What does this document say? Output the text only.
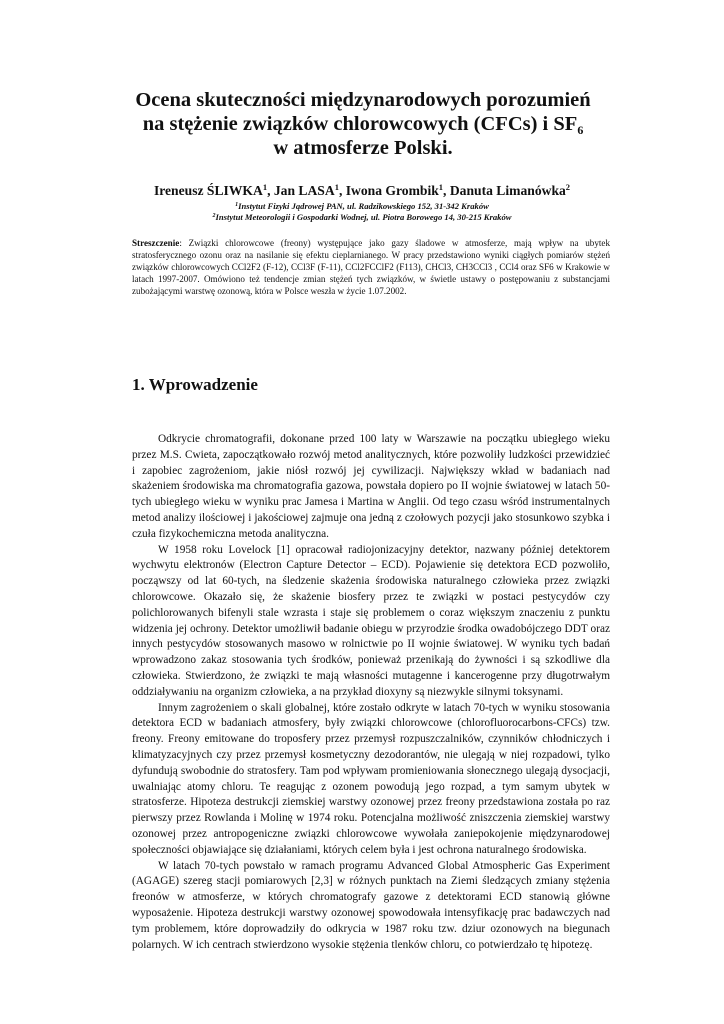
Ocena skuteczności międzynarodowych porozumień
na stężenie związków chlorowcowych (CFCs) i $SF_6$
w atmosferze Polski.
Ireneusz ŚLIWKA$^1$, Jan LASA$^1$, Iwona Grombik$^1$, Danuta Limanówka$^2$
$^1$Instytut Fizyki Jądrowej PAN, ul. Radzikowskiego 152, 31-342 Kraków
$^2$Instytut Meteorologii i Gospodarki Wodnej, ul. Piotra Borowego 14, 30-215 Kraków
Streszczenie: Związki chlorowcowe (freony) występujące jako gazy śladowe w atmosferze, mają wpływ na ubytek stratosferycznego ozonu oraz na nasilanie się efektu cieplarnianego. W pracy przedstawiono wyniki ciągłych pomiarów stężeń związków chlorowcowych CCl2F2 (F-12), CCl3F (F-11), CCl2FCClF2 (F113), CHCl3, CH3CCl3 , CCl4 oraz SF6 w Krakowie w latach 1997-2007. Omówiono też tendencje zmian stężeń tych związków, w świetle ustawy o postępowaniu z substancjami zubożającymi warstwę ozonową, która w Polsce weszła w życie 1.07.2002.
1. Wprowadzenie

Odkrycie chromatografii, dokonane przed 100 laty w Warszawie na początku ubiegłego wieku przez M.S. Cwieta, zapoczątkowało rozwój metod analitycznych, które pozwoliły ludzkości przewidzieć i zapobiec zagrożeniom, jakie niósł rozwój jej cywilizacji. Największy wkład w badaniach nad skażeniem środowiska ma chromatografia gazowa, powstała dopiero po II wojnie światowej w latach 50-tych ubiegłego wieku w wyniku prac Jamesa i Martina w Anglii. Od tego czasu wśród instrumentalnych metod analizy ilościowej i jakościowej zajmuje ona jedną z czołowych pozycji jako stosunkowo szybka i czuła fizykochemiczna metoda analityczna.

W 1958 roku Lovelock [1] opracował radiojonizacyjny detektor, nazwany później detektorem wychwytu elektronów (Electron Capture Detector – ECD). Pojawienie się detektora ECD pozwoliło, począwszy od lat 60-tych, na śledzenie skażenia środowiska naturalnego człowieka przez związki chlorowcowe. Okazało się, że skażenie biosfery przez te związki w postaci pestycydów czy polichlorowanych bifenyli stale wzrasta i staje się problemem o coraz większym znaczeniu z punktu widzenia jej ochrony. Detektor umożliwił badanie obiegu w przyrodzie środka owadobójczego DDT oraz innych pestycydów stosowanych masowo w rolnictwie po II wojnie światowej. W wyniku tych badań wprowadzono zakaz stosowania tych środków, ponieważ przenikają do żywności i są szkodliwe dla człowieka. Stwierdzono, że związki te mają własności mutagenne i kancerogenne przy długotrwałym oddziaływaniu na organizm człowieka, a na przykład dioxyny są niezwykle silnymi toksynami.

Innym zagrożeniem o skali globalnej, które zostało odkryte w latach 70-tych w wyniku stosowania detektora ECD w badaniach atmosfery, były związki chlorowcowe (chlorofluorocarbons-CFCs) tzw. freony. Freony emitowane do troposfery przez przemysł rozpuszczalników, czynników chłodniczych i klimatyzacyjnych czy przez przemysł kosmetyczny dezodorantów, nie ulegają w niej rozpadowi, tylko dyfundują swobodnie do stratosfery. Tam pod wpływam promieniowania słonecznego ulegają dysocjacji, uwalniając atomy chloru. Te reagując z ozonem powodują jego rozpad, a tym samym ubytek w stratosferze. Hipoteza destrukcji ziemskiej warstwy ozonowej przez freony przedstawiona została po raz pierwszy przez Rowlanda i Molinę w 1974 roku. Potencjalna możliwość zniszczenia ziemskiej warstwy ozonowej przez antropogeniczne związki chlorowcowe wywołała zaniepokojenie międzynarodowej społeczności objawiające się działaniami, których celem była i jest ochrona naturalnego środowiska.

W latach 70-tych powstało w ramach programu Advanced Global Atmospheric Gas Experiment (AGAGE) szereg stacji pomiarowych [2,3] w różnych punktach na Ziemi śledzących zmiany stężenia freonów w atmosferze, w których chromatografy gazowe z detektorami ECD stanowią główne wyposażenie. Hipoteza destrukcji warstwy ozonowej spowodowała intensyfikację prac badawczych nad tym problemem, które doprowadziły do odkrycia w 1987 roku tzw. dziur ozonowych na biegunach polarnych. W ich centrach stwierdzono wysokie stężenia tlenków chloru, co potwierdzało tę hipotezę.
